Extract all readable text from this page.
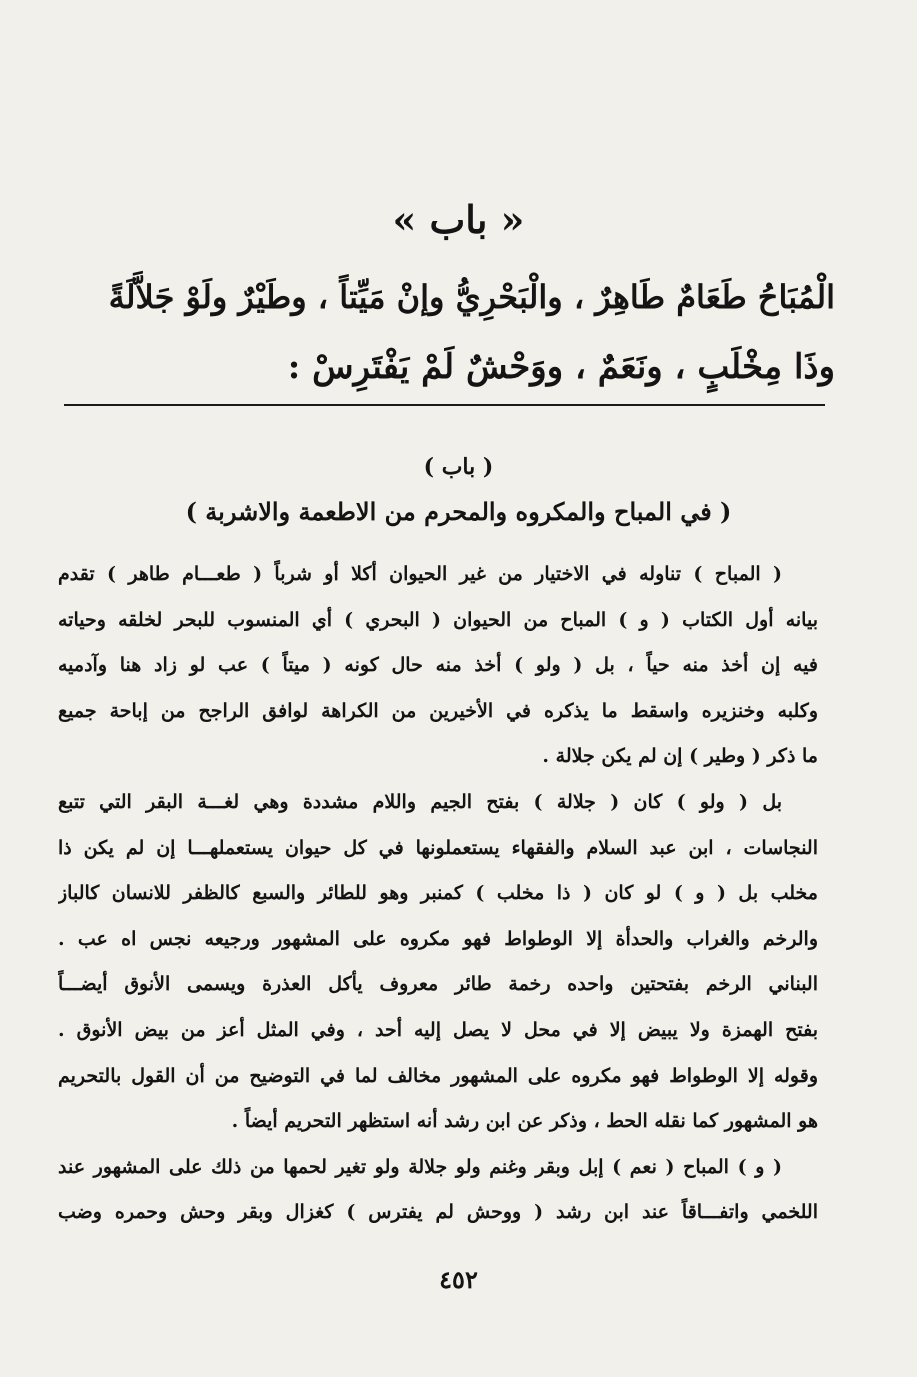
« باب »
الْمُبَاحُ طَعَامٌ طَاهِرٌ ، والْبَحْرِيُّ وإنْ مَيِّتاً ، وطَيْرٌ ولَوْ جَلاَّلَةً
وذَا مِخْلَبٍ ، ونَعَمٌ ، ووَحْشٌ لَمْ يَفْتَرِسْ :
( باب )
( في المباح والمكروه والمحرم من الاطعمة والاشربة )
( المباح ) تناوله في الاختيار من غير الحيوان أكلا أو شرباً ( طعـــام طاهر ) تقدم
بيانه أول الكتاب ( و ) المباح من الحيوان ( البحري ) أي المنسوب للبحر لخلقه وحياته
فيه إن أخذ منه حياً ، بل ( ولو ) أخذ منه حال كونه ( ميتاً ) عب لو زاد هنا وآدميه
وكلبه وخنزيره واسقط ما يذكره في الأخيرين من الكراهة لوافق الراجح من إباحة جميع
ما ذكر ( وطير ) إن لم يكن جلالة .
بل ( ولو ) كان ( جلالة ) بفتح الجيم واللام مشددة وهي لغـــة البقر التي تتبع
النجاسات ، ابن عبد السلام والفقهاء يستعملونها في كل حيوان يستعملهـــا إن لم يكن ذا
مخلب بل ( و ) لو كان ( ذا مخلب ) كمنبر وهو للطائر والسبع كالظفر للانسان كالباز
والرخم والغراب والحدأة إلا الوطواط فهو مكروه على المشهور ورجيعه نجس اه عب .
البناني الرخم بفتحتين واحده رخمة طائر معروف يأكل العذرة ويسمى الأنوق أيضـــاً
بفتح الهمزة ولا يبيض إلا في محل لا يصل إليه أحد ، وفي المثل أعز من بيض الأنوق .
وقوله إلا الوطواط فهو مكروه على المشهور مخالف لما في التوضيح من أن القول بالتحريم
هو المشهور كما نقله الحط ، وذكر عن ابن رشد أنه استظهر التحريم أيضاً .
( و ) المباح ( نعم ) إبل وبقر وغنم ولو جلالة ولو تغير لحمها من ذلك على المشهور عند
اللخمي واتفـــاقاً عند ابن رشد ( ووحش لم يفترس ) كغزال وبقر وحش وحمره وضب
٤٥٢
